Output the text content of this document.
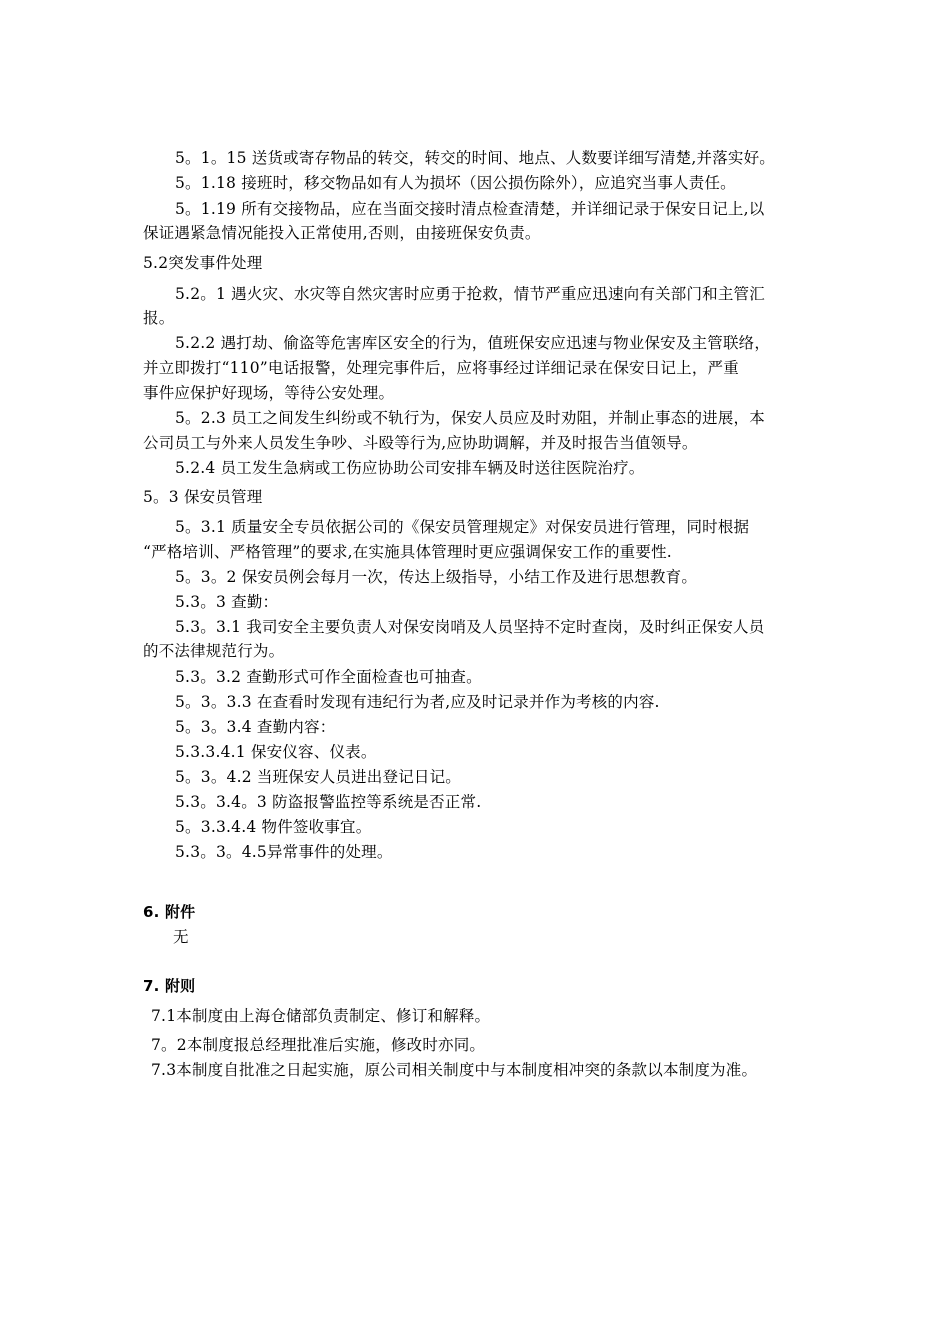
5。1。15 送货或寄存物品的转交，转交的时间、地点、人数要详细写清楚,并落实好。
5。1.18 接班时，移交物品如有人为损坏（因公损伤除外），应追究当事人责任。
5。1.19 所有交接物品，应在当面交接时清点检查清楚，并详细记录于保安日记上,以
保证遇紧急情况能投入正常使用,否则，由接班保安负责。
5.2突发事件处理
5.2。1 遇火灾、水灾等自然灾害时应勇于抢救，情节严重应迅速向有关部门和主管汇
报。
5.2.2 遇打劫、偷盗等危害库区安全的行为，值班保安应迅速与物业保安及主管联络，
并立即拨打“110”电话报警，处理完事件后，应将事经过详细记录在保安日记上，严重
事件应保护好现场，等待公安处理。
5。2.3 员工之间发生纠纷或不轨行为，保安人员应及时劝阻，并制止事态的进展，本
公司员工与外来人员发生争吵、斗殴等行为,应协助调解，并及时报告当值领导。
5.2.4 员工发生急病或工伤应协助公司安排车辆及时送往医院治疗。
5。3 保安员管理
5。3.1 质量安全专员依据公司的《保安员管理规定》对保安员进行管理，同时根据
“严格培训、严格管理”的要求,在实施具体管理时更应强调保安工作的重要性.
5。3。2 保安员例会每月一次，传达上级指导，小结工作及进行思想教育。
5.3。3 查勤：
5.3。3.1 我司安全主要负责人对保安岗哨及人员坚持不定时查岗，及时纠正保安人员
的不法律规范行为。
5.3。3.2 查勤形式可作全面检查也可抽查。
5。3。3.3 在查看时发现有违纪行为者,应及时记录并作为考核的内容.
5。3。3.4 查勤内容：
5.3.3.4.1 保安仪容、仪表。
5。3。4.2 当班保安人员进出登记日记。
5.3。3.4。3 防盗报警监控等系统是否正常.
5。3.3.4.4 物件签收事宜。
5.3。3。4.5异常事件的处理。
6. 附件
无
7. 附则
7.1本制度由上海仓储部负责制定、修订和解释。
7。2本制度报总经理批准后实施，修改时亦同。
7.3本制度自批准之日起实施，原公司相关制度中与本制度相冲突的条款以本制度为准。
